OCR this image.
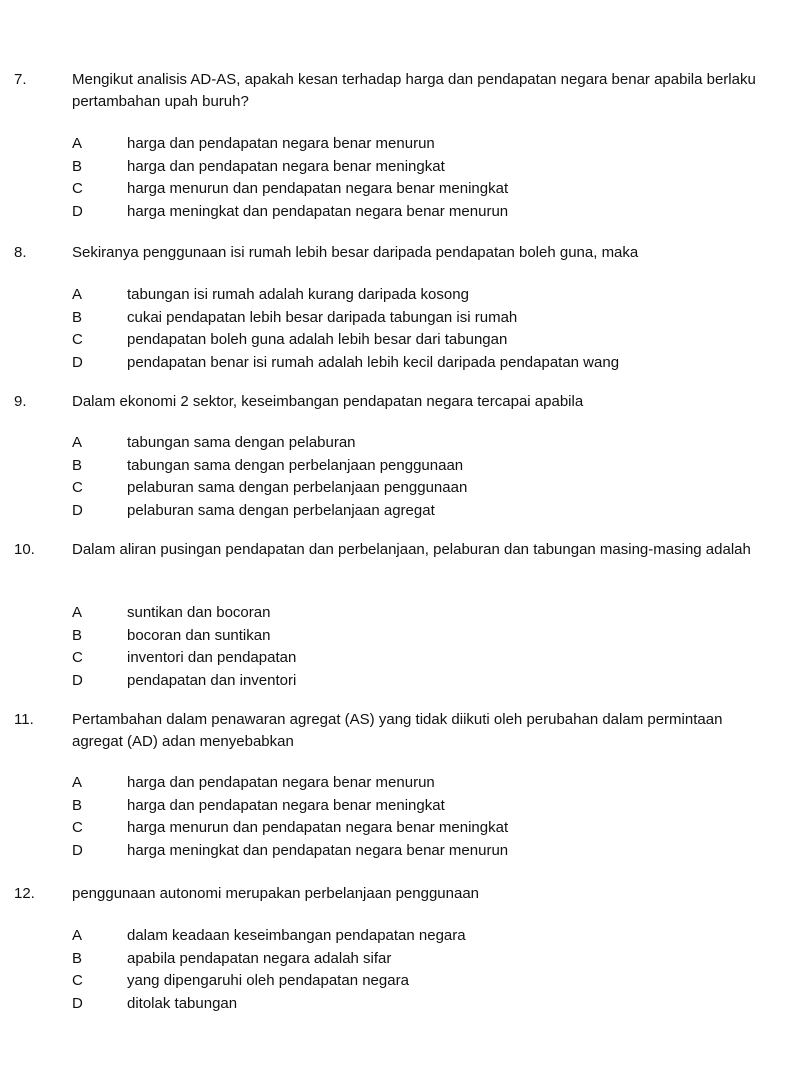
7.	Mengikut analisis AD-AS, apakah kesan terhadap harga dan pendapatan negara benar apabila berlaku pertambahan upah buruh?
A	harga dan pendapatan negara benar menurun
B	harga dan pendapatan negara benar meningkat
C	harga menurun dan pendapatan negara benar meningkat
D	harga meningkat dan pendapatan negara benar menurun
8.	Sekiranya penggunaan isi rumah lebih besar daripada pendapatan boleh guna, maka
A	tabungan isi rumah adalah kurang daripada kosong
B	cukai pendapatan lebih besar daripada tabungan isi rumah
C	pendapatan boleh guna adalah lebih besar dari tabungan
D	pendapatan benar isi rumah adalah lebih kecil daripada pendapatan wang
9.	Dalam ekonomi 2 sektor, keseimbangan pendapatan negara tercapai apabila
A	tabungan sama dengan pelaburan
B	tabungan sama dengan perbelanjaan penggunaan
C	pelaburan sama dengan perbelanjaan penggunaan
D	pelaburan sama dengan perbelanjaan agregat
10.	Dalam aliran pusingan pendapatan dan perbelanjaan, pelaburan dan tabungan masing-masing adalah
A	suntikan dan bocoran
B	bocoran dan suntikan
C	inventori dan pendapatan
D	pendapatan dan inventori
11.	Pertambahan dalam penawaran agregat (AS) yang tidak diikuti oleh perubahan dalam permintaan agregat (AD) adan menyebabkan
A	harga dan pendapatan negara benar menurun
B	harga dan pendapatan negara benar meningkat
C	harga menurun dan pendapatan negara benar meningkat
D	harga meningkat dan pendapatan negara benar menurun
12.	penggunaan autonomi merupakan perbelanjaan penggunaan
A	dalam keadaan keseimbangan pendapatan negara
B	apabila pendapatan negara adalah sifar
C	yang dipengaruhi oleh pendapatan negara
D	ditolak tabungan
